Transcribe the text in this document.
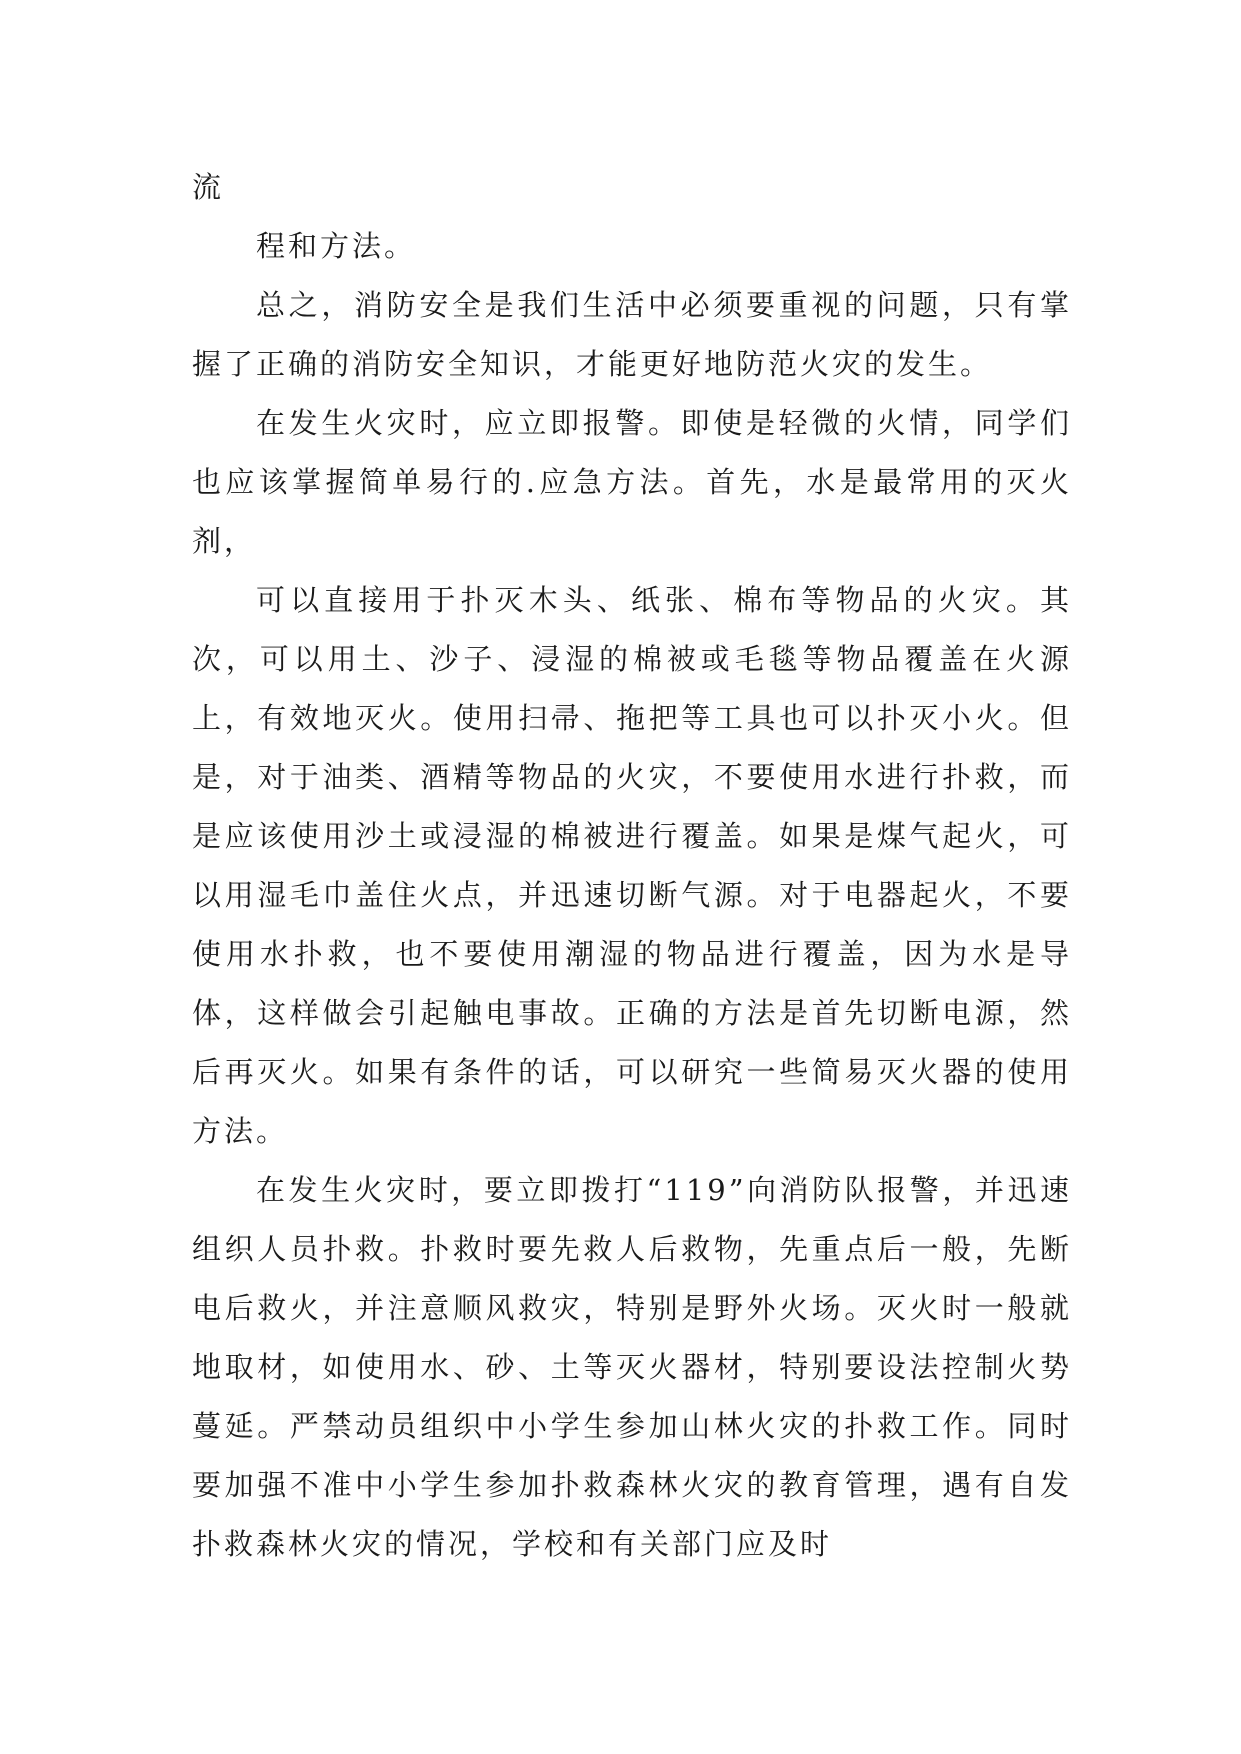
流

程和方法。

总之，消防安全是我们生活中必须要重视的问题，只有掌握了正确的消防安全知识，才能更好地防范火灾的发生。

在发生火灾时，应立即报警。即使是轻微的火情，同学们也应该掌握简单易行的.应急方法。首先，水是最常用的灭火剂，

可以直接用于扑灭木头、纸张、棉布等物品的火灾。其次，可以用土、沙子、浸湿的棉被或毛毯等物品覆盖在火源上，有效地灭火。使用扫帚、拖把等工具也可以扑灭小火。但是，对于油类、酒精等物品的火灾，不要使用水进行扑救，而是应该使用沙土或浸湿的棉被进行覆盖。如果是煤气起火，可以用湿毛巾盖住火点，并迅速切断气源。对于电器起火，不要使用水扑救，也不要使用潮湿的物品进行覆盖，因为水是导体，这样做会引起触电事故。正确的方法是首先切断电源，然后再灭火。如果有条件的话，可以研究一些简易灭火器的使用方法。

在发生火灾时，要立即拨打“119”向消防队报警，并迅速组织人员扑救。扑救时要先救人后救物，先重点后一般，先断电后救火，并注意顺风救灾，特别是野外火场。灭火时一般就地取材，如使用水、砂、土等灭火器材，特别要设法控制火势蔓延。严禁动员组织中小学生参加山林火灾的扑救工作。同时要加强不准中小学生参加扑救森林火灾的教育管理，遇有自发扑救森林火灾的情况，学校和有关部门应及时
